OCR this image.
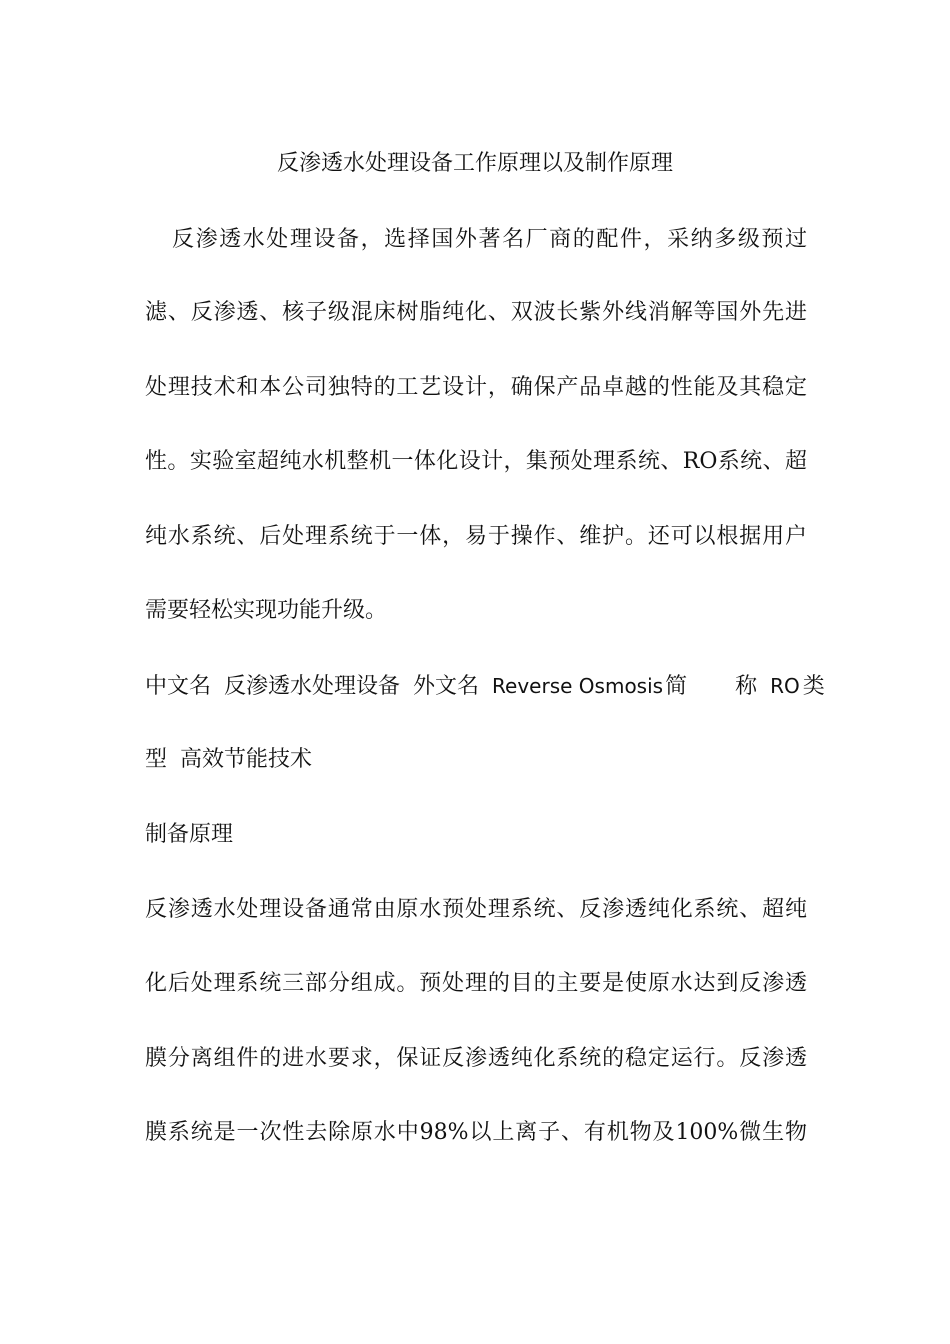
反渗透水处理设备工作原理以及制作原理
反渗透水处理设备，选择国外著名厂商的配件，采纳多级预过
滤、反渗透、核子级混床树脂纯化、双波长紫外线消解等国外先进
处理技术和本公司独特的工艺设计，确保产品卓越的性能及其稳定
性。实验室超纯水机整机一体化设计，集预处理系统、RO系统、超
纯水系统、后处理系统于一体，易于操作、维护。还可以根据用户
需要轻松实现功能升级。
中文名 反渗透水处理设备 外文名 Reverse Osmosis简 称 RO 类
型 高效节能技术
制备原理
反渗透水处理设备通常由原水预处理系统、反渗透纯化系统、超纯
化后处理系统三部分组成。预处理的目的主要是使原水达到反渗透
膜分离组件的进水要求，保证反渗透纯化系统的稳定运行。反渗透
膜系统是一次性去除原水中98%以上离子、有机物及100%微生物
